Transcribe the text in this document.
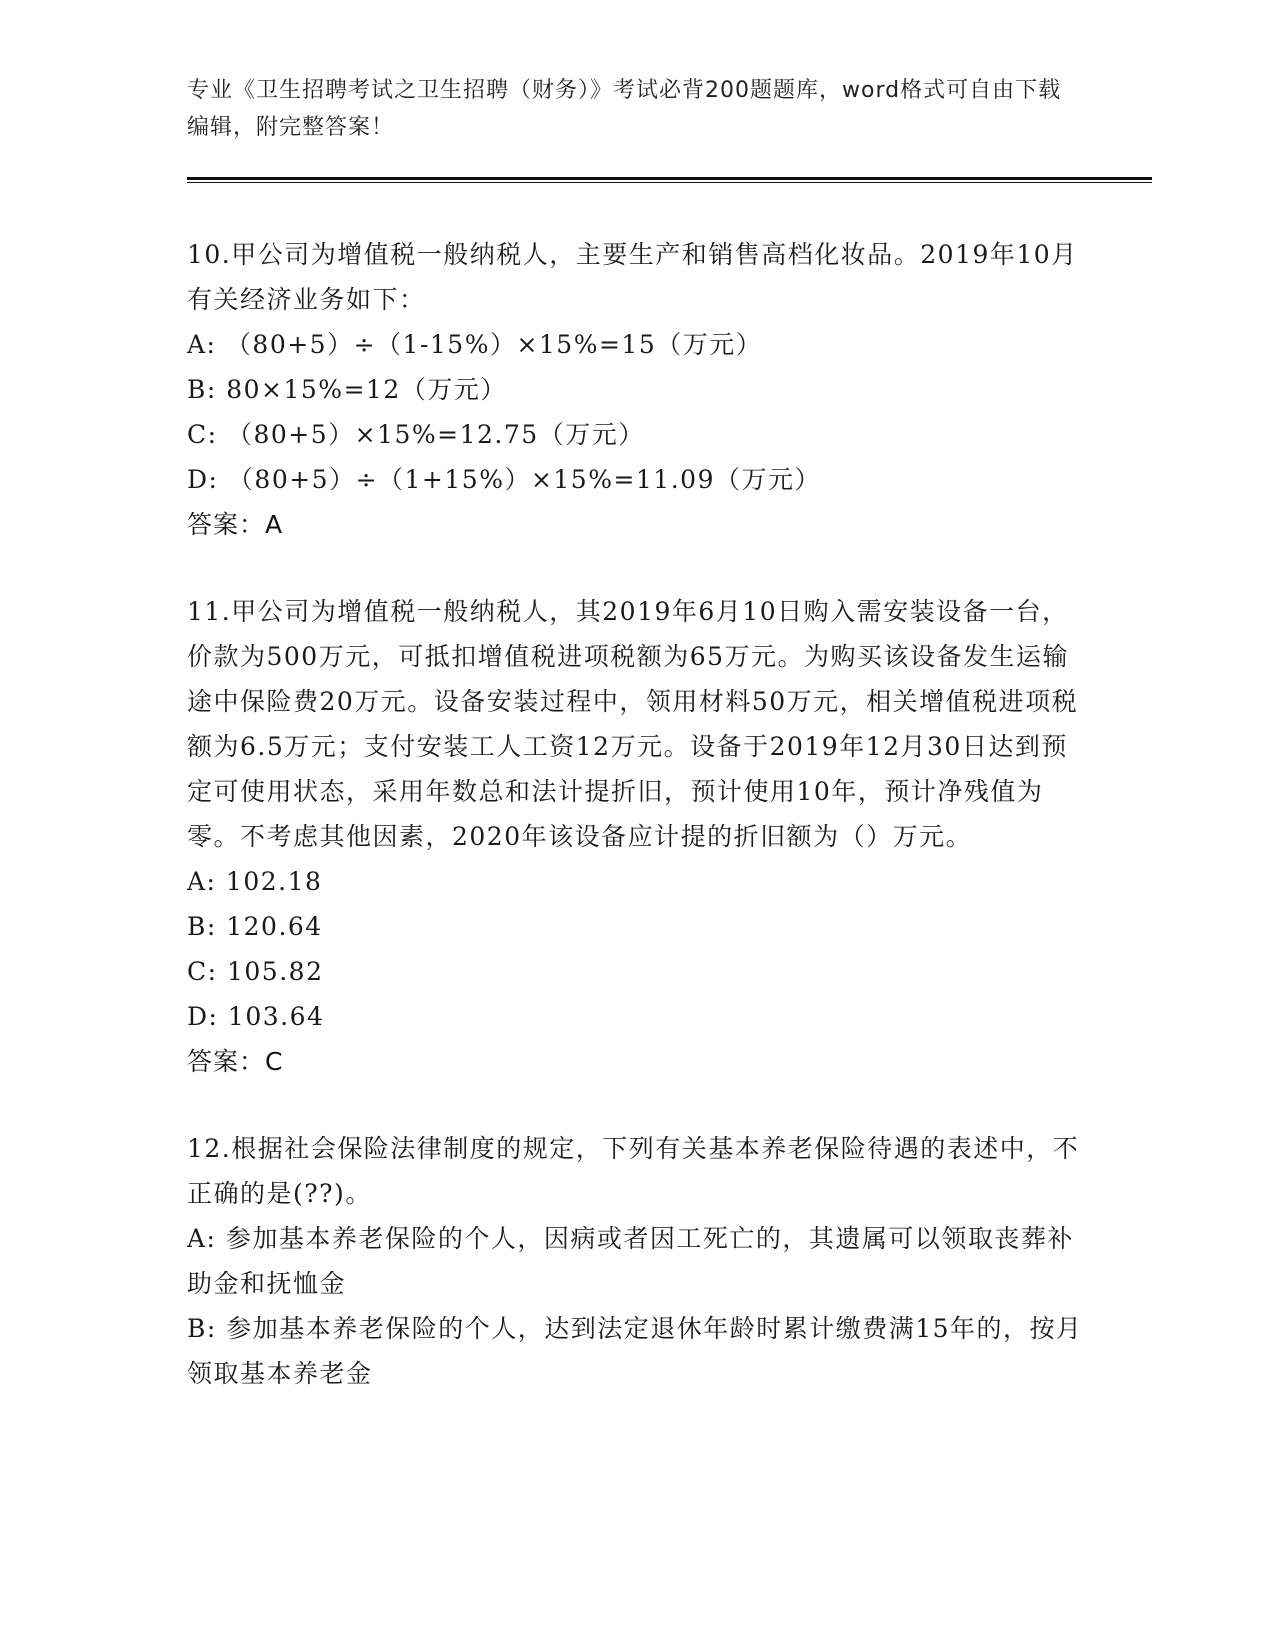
专业《卫生招聘考试之卫生招聘（财务）》考试必背200题题库，word格式可自由下载编辑，附完整答案！

10.甲公司为增值税一般纳税人，主要生产和销售高档化妆品。2019年10月有关经济业务如下：

A: （80+5）÷（1-15%）×15%=15（万元）

B: 80×15%=12（万元）

C: （80+5）×15%=12.75（万元）

D: （80+5）÷（1+15%）×15%=11.09（万元）

答案：A

11.甲公司为增值税一般纳税人，其2019年6月10日购入需安装设备一台，价款为500万元，可抵扣增值税进项税额为65万元。为购买该设备发生运输途中保险费20万元。设备安装过程中，领用材料50万元，相关增值税进项税额为6.5万元；支付安装工人工资12万元。设备于2019年12月30日达到预定可使用状态，采用年数总和法计提折旧，预计使用10年，预计净残值为零。不考虑其他因素，2020年该设备应计提的折旧额为（）万元。

A: 102.18

B: 120.64

C: 105.82

D: 103.64

答案：C

12.根据社会保险法律制度的规定，下列有关基本养老保险待遇的表述中，不正确的是(??)。

A: 参加基本养老保险的个人，因病或者因工死亡的，其遗属可以领取丧葬补助金和抚恤金

B: 参加基本养老保险的个人，达到法定退休年龄时累计缴费满15年的，按月领取基本养老金
